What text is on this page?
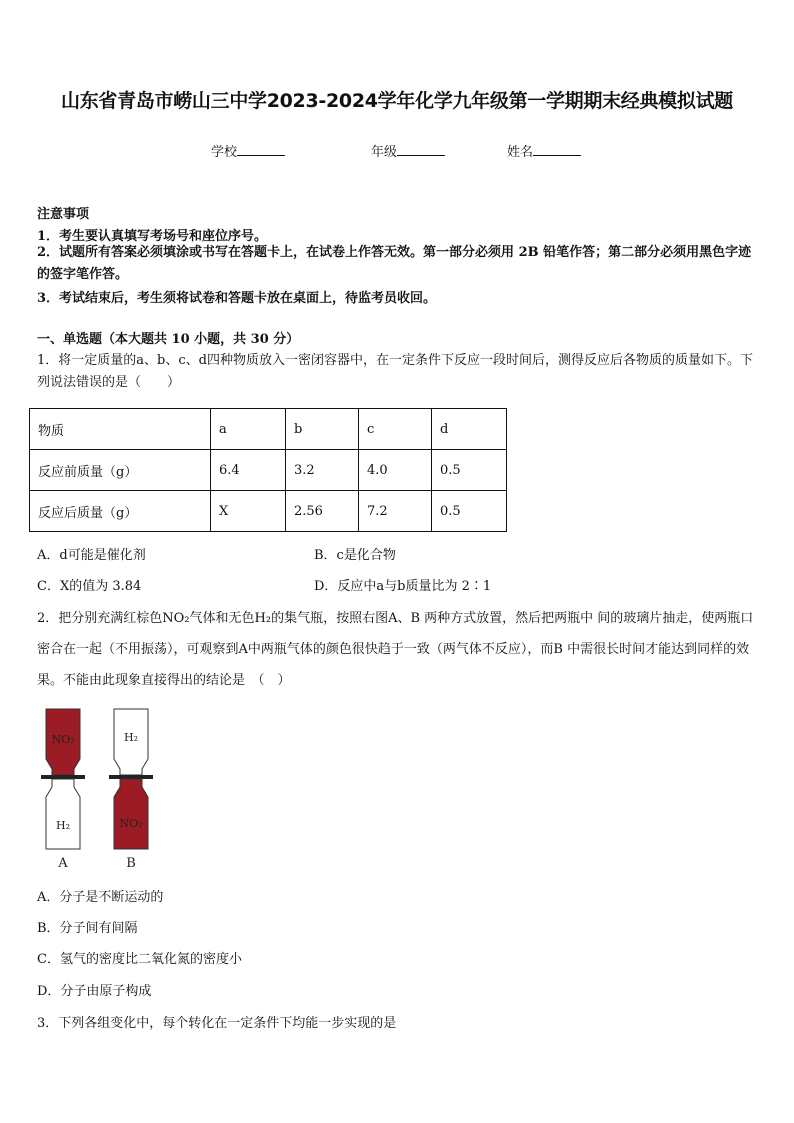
山东省青岛市崂山三中学2023-2024学年化学九年级第一学期期末经典模拟试题
学校	年级	姓名
注意事项
1．考生要认真填写考场号和座位序号。
2．试题所有答案必须填涂或书写在答题卡上，在试卷上作答无效。第一部分必须用 2B 铅笔作答；第二部分必须用黑色字迹的签字笔作答。
3．考试结束后，考生须将试卷和答题卡放在桌面上，待监考员收回。
一、单选题（本大题共 10 小题，共 30 分）
1．将一定质量的a、b、c、d四种物质放入一密闭容器中，在一定条件下反应一段时间后，测得反应后各物质的质量如下。下列说法错误的是（　　）
物质	a	b	c	d
反应前质量（g）	6.4	3.2	4.0	0.5
反应后质量（g）	X	2.56	7.2	0.5
A．d可能是催化剂	B．c是化合物
C．X的值为 3.84	D．反应中a与b质量比为 2∶1
2．把分别充满红棕色NO₂气体和无色H₂的集气瓶，按照右图A、B 两种方式放置，然后把两瓶中 间的玻璃片抽走，使两瓶口密合在一起（不用振荡），可观察到A中两瓶气体的颜色很快趋于一致（两气体不反应），而B 中需很长时间才能达到同样的效果。不能由此现象直接得出的结论是　（　）
NO₂
H₂
A
H₂
NO₂
B
A．分子是不断运动的
B．分子间有间隔
C．氢气的密度比二氧化氮的密度小
D．分子由原子构成
3．下列各组变化中，每个转化在一定条件下均能一步实现的是
